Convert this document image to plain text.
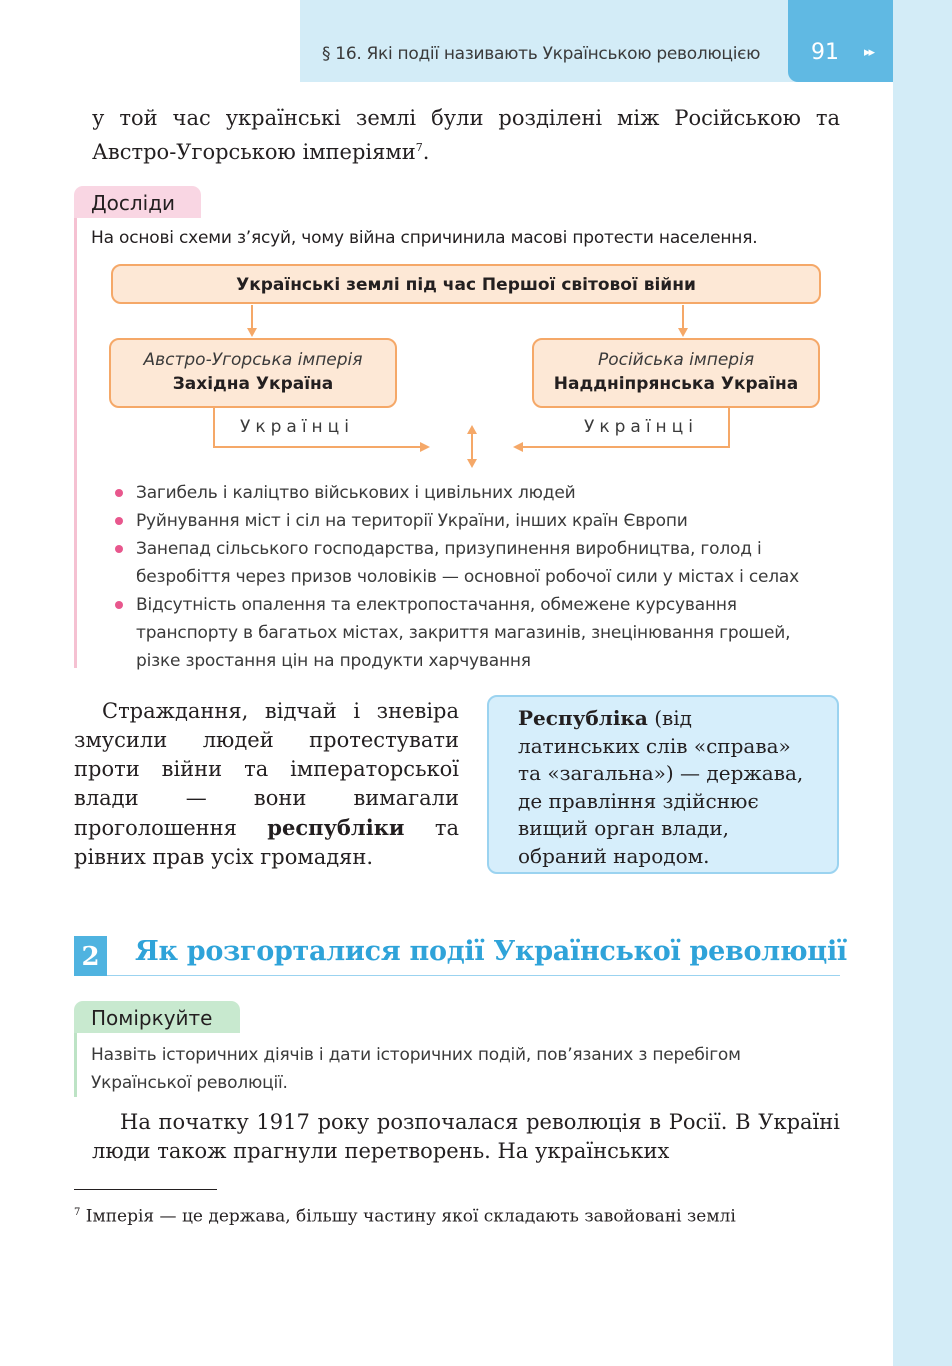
§ 16. Які події називають Українською революцією 91 ▸▸

у той час українські землі були розділені між Російською та Австро-Угорською імперіями$^7$.

Досліди
На основі схеми з’ясуй, чому війна спричинила масові протести населення.
Українські землі під час Першої світової війни
Австро-Угорська імперія
Західна Україна
Російська імперія
Наддніпрянська Україна
Українці	Українці
Загибель і каліцтво військових і цивільних людей
Руйнування міст і сіл на території України, інших країн Європи
Занепад сільського господарства, призупинення виробництва, голод і безробіття через призов чоловіків — основної робочої сили у містах і селах
Відсутність опалення та електропостачання, обмежене курсування транспорту в багатьох містах, закриття магазинів, знецінювання грошей, різке зростання цін на продукти харчування

Страждання, відчай і зневіра змусили людей протестувати проти війни та імператорської влади — вони вимагали проголошення республіки та рівних прав усіх громадян.

Республіка (від латинських слів «справа» та «загальна») — держава, де правління здійснює вищий орган влади, обраний народом.
2 Як розгорталися події Української революції
Поміркуйте
Назвіть історичних діячів і дати історичних подій, пов’язаних з перебігом Української революції.

На початку 1917 року розпочалася революція в Росії. В Україні люди також прагнули перетворень. На українських

$^7$ Імперія — це держава, більшу частину якої складають завойовані землі
